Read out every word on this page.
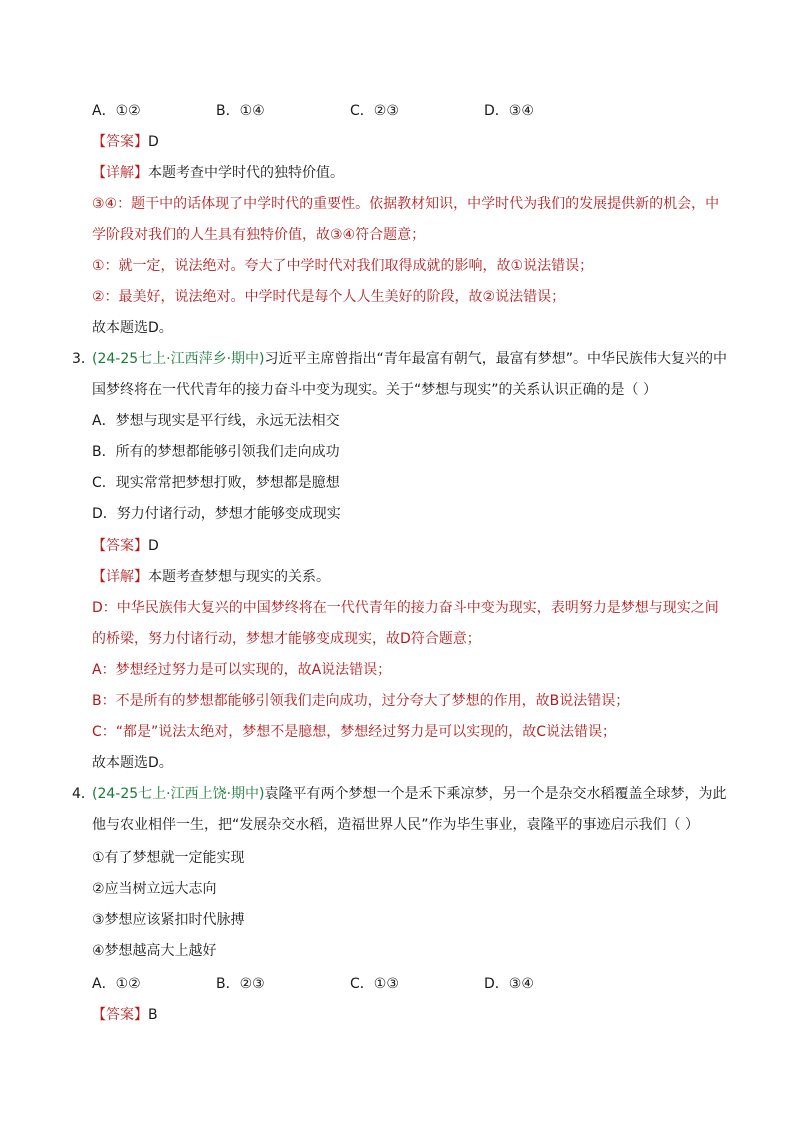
A．①②	B．①④	C．②③	D．③④
【答案】D
【详解】本题考查中学时代的独特价值。
③④：题干中的话体现了中学时代的重要性。依据教材知识，中学时代为我们的发展提供新的机会，中
学阶段对我们的人生具有独特价值，故③④符合题意；
①：就一定，说法绝对。夸大了中学时代对我们取得成就的影响，故①说法错误；
②：最美好，说法绝对。中学时代是每个人人生美好的阶段，故②说法错误；
故本题选D。
3．
(24-25七上·江西萍乡·期中)习近平主席曾指出“青年最富有朝气，最富有梦想”。中华民族伟大复兴的中
国梦终将在一代代青年的接力奋斗中变为现实。关于“梦想与现实”的关系认识正确的是（ ）
A．梦想与现实是平行线，永远无法相交
B．所有的梦想都能够引领我们走向成功
C．现实常常把梦想打败，梦想都是臆想
D．努力付诸行动，梦想才能够变成现实
【答案】D
【详解】本题考查梦想与现实的关系。
D：中华民族伟大复兴的中国梦终将在一代代青年的接力奋斗中变为现实，表明努力是梦想与现实之间
的桥梁，努力付诸行动，梦想才能够变成现实，故D符合题意；
A：梦想经过努力是可以实现的，故A说法错误；
B：不是所有的梦想都能够引领我们走向成功，过分夸大了梦想的作用，故B说法错误；
C：“都是”说法太绝对，梦想不是臆想，梦想经过努力是可以实现的，故C说法错误；
故本题选D。
4．
(24-25七上·江西上饶·期中)袁隆平有两个梦想一个是禾下乘凉梦，另一个是杂交水稻覆盖全球梦，为此
他与农业相伴一生，把“发展杂交水稻，造福世界人民”作为毕生事业，袁隆平的事迹启示我们（ ）
①有了梦想就一定能实现
②应当树立远大志向
③梦想应该紧扣时代脉搏
④梦想越高大上越好
A．①②	B．②③	C．①③	D．③④
【答案】B
